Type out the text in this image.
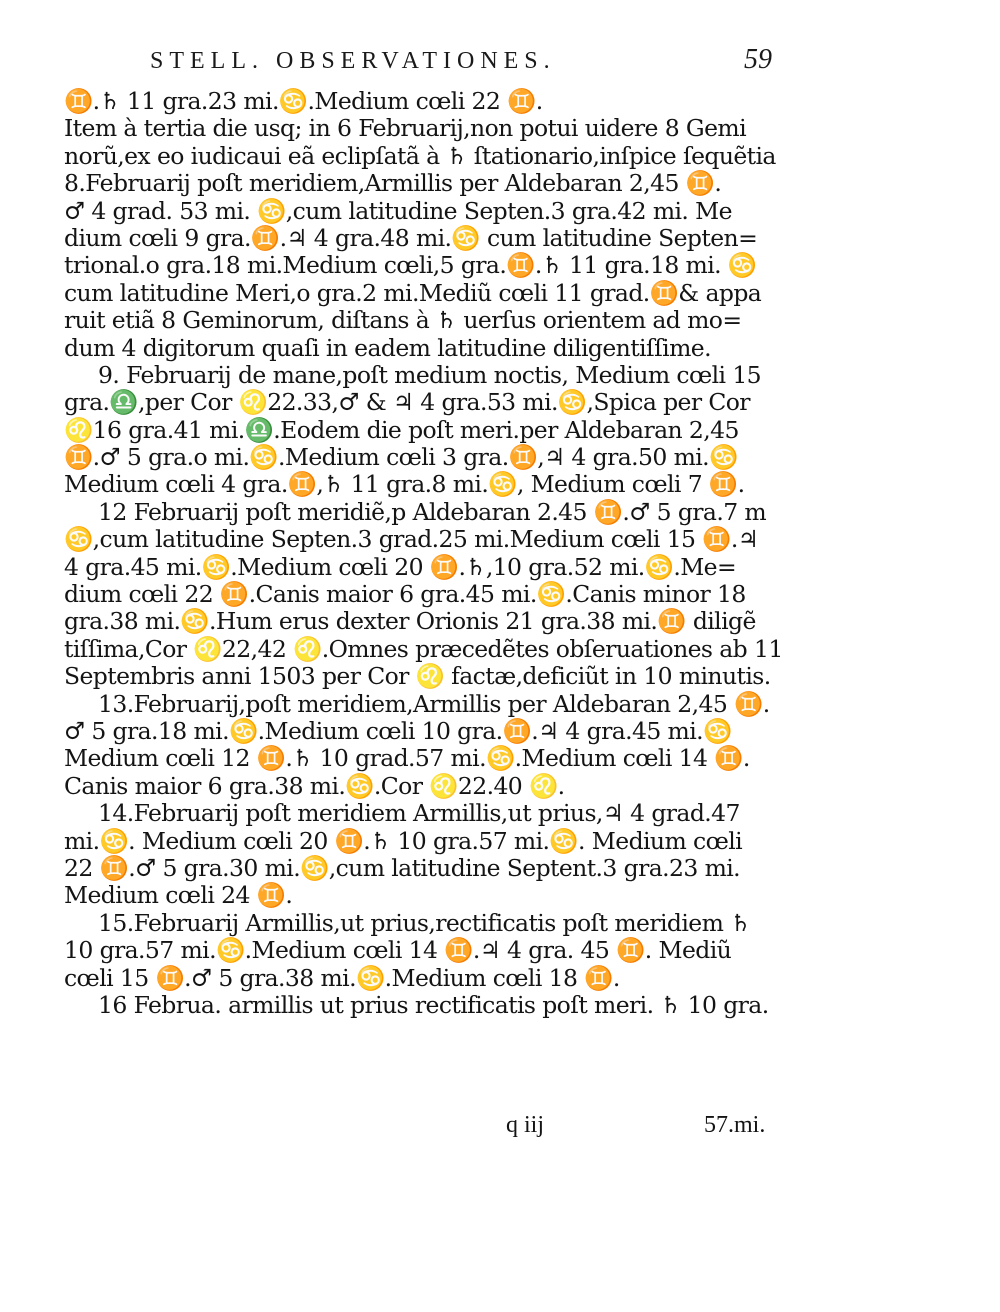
STELL. OBSERVATIONES.	59
♊.♄ 11 gra.23 mi.♋.Medium cœli 22 ♊.
Item à tertia die usq; in 6 Februarij,non potui uidere 8 Gemi
norũ,ex eo iudicaui eã eclipſatã à ♄ ſtationario,inſpice ſequẽtia
8.Februarij poſt meridiem,Armillis per Aldebaran 2,45 ♊.
♂ 4 grad. 53 mi. ♋,cum latitudine Septen.3 gra.42 mi. Me
dium cœli 9 gra.♊.♃ 4 gra.48 mi.♋ cum latitudine Septen=
trional.o gra.18 mi.Medium cœli,5 gra.♊.♄ 11 gra.18 mi. ♋
cum latitudine Meri,o gra.2 mi.Mediũ cœli 11 grad.♊& appa
ruit etiã 8 Geminorum, diſtans à ♄ uerſus orientem ad mo=
dum 4 digitorum quaſi in eadem latitudine diligentiſſime.
9. Februarij de mane,poſt medium noctis, Medium cœli 15
gra.♎,per Cor ♌22.33,♂ & ♃ 4 gra.53 mi.♋,Spica per Cor
♌16 gra.41 mi.♎.Eodem die poſt meri.per Aldebaran 2,45
♊.♂ 5 gra.o mi.♋.Medium cœli 3 gra.♊,♃ 4 gra.50 mi.♋
Medium cœli 4 gra.♊,♄ 11 gra.8 mi.♋, Medium cœli 7 ♊.
12 Februarij poſt meridiẽ,p Aldebaran 2.45 ♊.♂ 5 gra.7 m
♋,cum latitudine Septen.3 grad.25 mi.Medium cœli 15 ♊.♃
4 gra.45 mi.♋.Medium cœli 20 ♊.♄,10 gra.52 mi.♋.Me=
dium cœli 22 ♊.Canis maior 6 gra.45 mi.♋.Canis minor 18
gra.38 mi.♋.Hum erus dexter Orionis 21 gra.38 mi.♊ diligẽ
tiſſima,Cor ♌22,42 ♌.Omnes præcedẽtes obſeruationes ab 11
Septembris anni 1503 per Cor ♌ factæ,deficiũt in 10 minutis.
13.Februarij,poſt meridiem,Armillis per Aldebaran 2,45 ♊.
♂ 5 gra.18 mi.♋.Medium cœli 10 gra.♊.♃ 4 gra.45 mi.♋
Medium cœli 12 ♊.♄ 10 grad.57 mi.♋.Medium cœli 14 ♊.
Canis maior 6 gra.38 mi.♋.Cor ♌22.40 ♌.
14.Februarij poſt meridiem Armillis,ut prius,♃ 4 grad.47
mi.♋. Medium cœli 20 ♊.♄ 10 gra.57 mi.♋. Medium cœli
22 ♊.♂ 5 gra.30 mi.♋,cum latitudine Septent.3 gra.23 mi.
Medium cœli 24 ♊.
15.Februarij Armillis,ut prius,rectificatis poſt meridiem ♄
10 gra.57 mi.♋.Medium cœli 14 ♊.♃ 4 gra. 45 ♊. Mediũ
cœli 15 ♊.♂ 5 gra.38 mi.♋.Medium cœli 18 ♊.
16 Februa. armillis ut prius rectificatis poſt meri. ♄ 10 gra.
q iij	57.mi.
